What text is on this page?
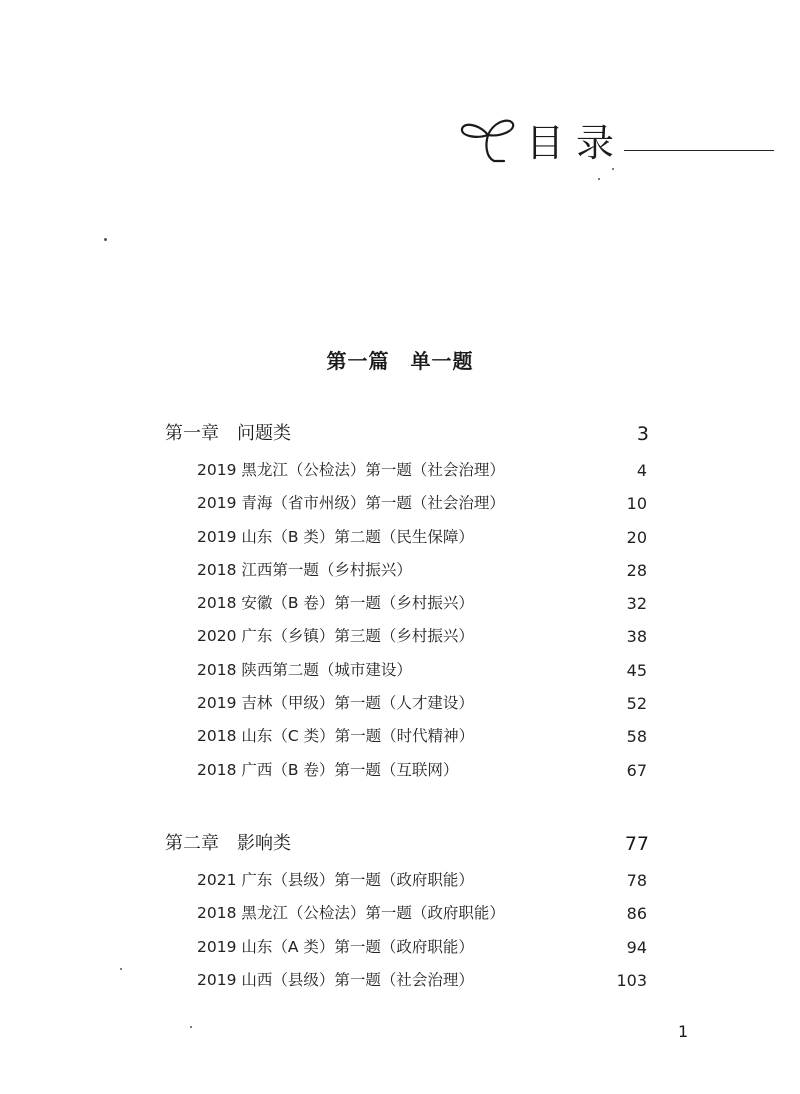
目录
第一篇　单一题
第一章　问题类	3
2019 黑龙江（公检法）第一题（社会治理）	4
2019 青海（省市州级）第一题（社会治理）	10
2019 山东（B 类）第二题（民生保障）	20
2018 江西第一题（乡村振兴）	28
2018 安徽（B 卷）第一题（乡村振兴）	32
2020 广东（乡镇）第三题（乡村振兴）	38
2018 陕西第二题（城市建设）	45
2019 吉林（甲级）第一题（人才建设）	52
2018 山东（C 类）第一题（时代精神）	58
2018 广西（B 卷）第一题（互联网）	67
第二章　影响类	77
2021 广东（县级）第一题（政府职能）	78
2018 黑龙江（公检法）第一题（政府职能）	86
2019 山东（A 类）第一题（政府职能）	94
2019 山西（县级）第一题（社会治理）	103
1
